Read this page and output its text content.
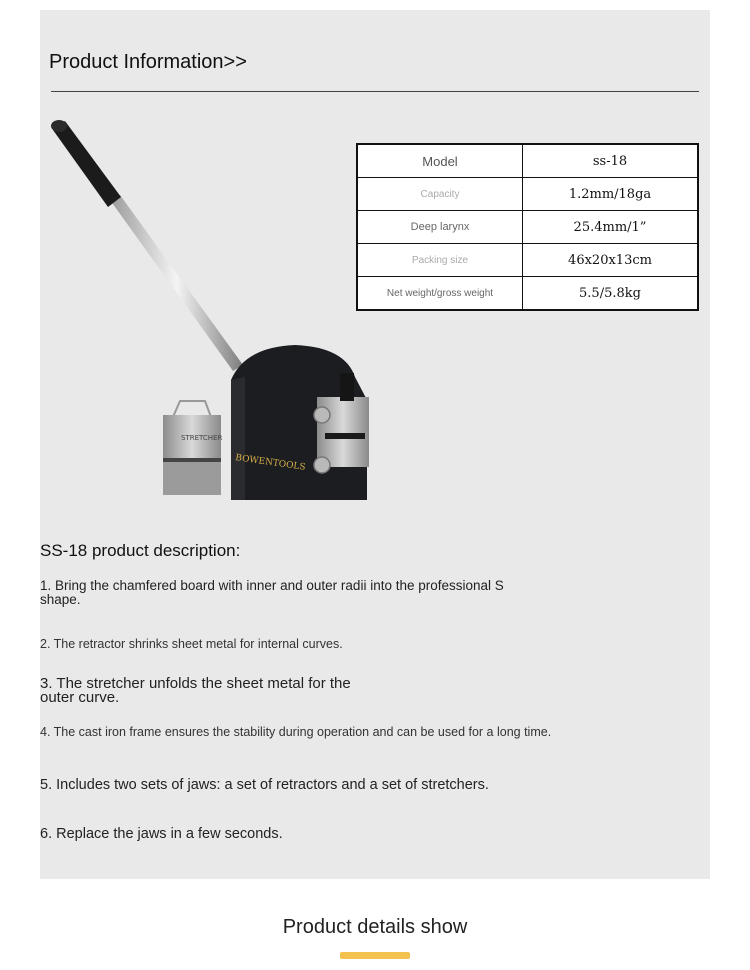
Product Information>>
BOWENTOOLS
STRETCHER
Model	ss-18
Capacity	1.2mm/18ga
Deep larynx	25.4mm/1”
Packing size	46x20x13cm
Net weight/gross weight	5.5/5.8kg
SS-18 product description:
1. Bring the chamfered board with inner and outer radii into the professional S shape.
2. The retractor shrinks sheet metal for internal curves.
3. The stretcher unfolds the sheet metal for the outer curve.
4. The cast iron frame ensures the stability during operation and can be used for a long time.
5. Includes two sets of jaws: a set of retractors and a set of stretchers.
6. Replace the jaws in a few seconds.
Product details show
